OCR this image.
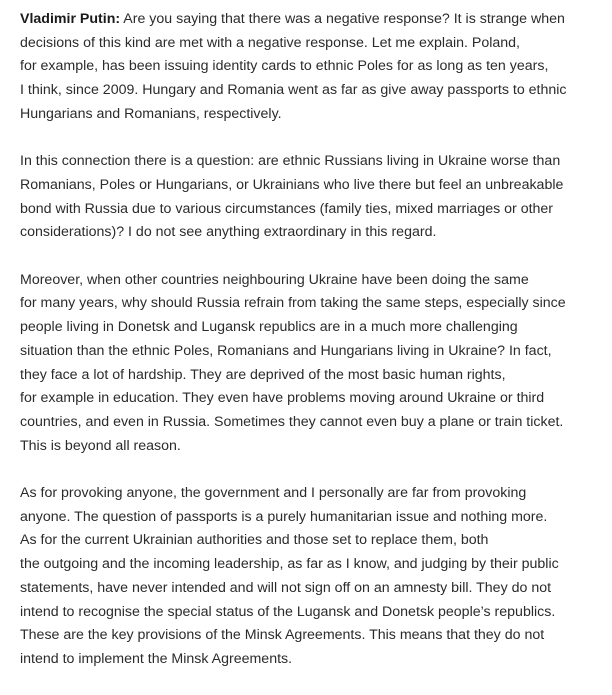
Vladimir Putin: Are you saying that there was a negative response? It is strange when
decisions of this kind are met with a negative response. Let me explain. Poland,
for example, has been issuing identity cards to ethnic Poles for as long as ten years,
I think, since 2009. Hungary and Romania went as far as give away passports to ethnic
Hungarians and Romanians, respectively.
In this connection there is a question: are ethnic Russians living in Ukraine worse than
Romanians, Poles or Hungarians, or Ukrainians who live there but feel an unbreakable
bond with Russia due to various circumstances (family ties, mixed marriages or other
considerations)? I do not see anything extraordinary in this regard.
Moreover, when other countries neighbouring Ukraine have been doing the same
for many years, why should Russia refrain from taking the same steps, especially since
people living in Donetsk and Lugansk republics are in a much more challenging
situation than the ethnic Poles, Romanians and Hungarians living in Ukraine? In fact,
they face a lot of hardship. They are deprived of the most basic human rights,
for example in education. They even have problems moving around Ukraine or third
countries, and even in Russia. Sometimes they cannot even buy a plane or train ticket.
This is beyond all reason.
As for provoking anyone, the government and I personally are far from provoking
anyone. The question of passports is a purely humanitarian issue and nothing more.
As for the current Ukrainian authorities and those set to replace them, both
the outgoing and the incoming leadership, as far as I know, and judging by their public
statements, have never intended and will not sign off on an amnesty bill. They do not
intend to recognise the special status of the Lugansk and Donetsk people’s republics.
These are the key provisions of the Minsk Agreements. This means that they do not
intend to implement the Minsk Agreements.
